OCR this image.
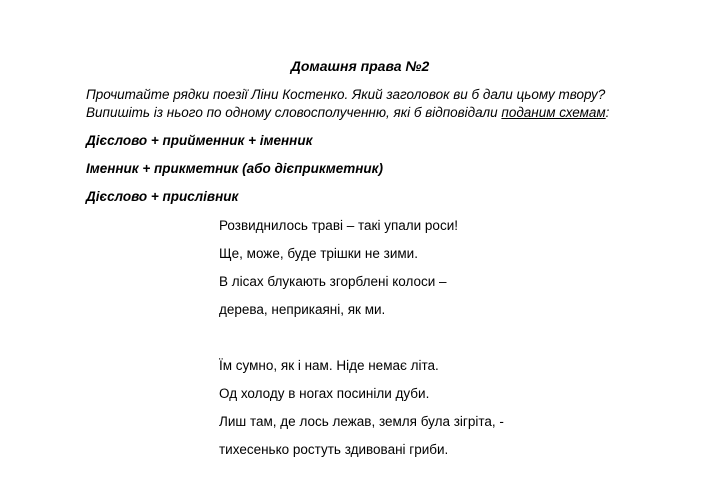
Домашня права №2
Прочитайте рядки поезії Ліни Костенко. Який заголовок ви б дали цьому твору?
Випишіть із нього по одному словосполученню, які б відповідали поданим схемам:
Дієслово + прийменник + іменник
Іменник + прикметник (або дієприкметник)
Дієслово + прислівник
Розвиднилось траві – такі упали роси!
Ще, може, буде трішки не зими.
В лісах блукають згорблені колоси –
дерева, неприкаяні, як ми.
Їм сумно, як і нам. Ніде немає літа.
Од холоду в ногах посиніли дуби.
Лиш там, де лось лежав, земля була зігріта, -
тихесенько ростуть здивовані гриби.
